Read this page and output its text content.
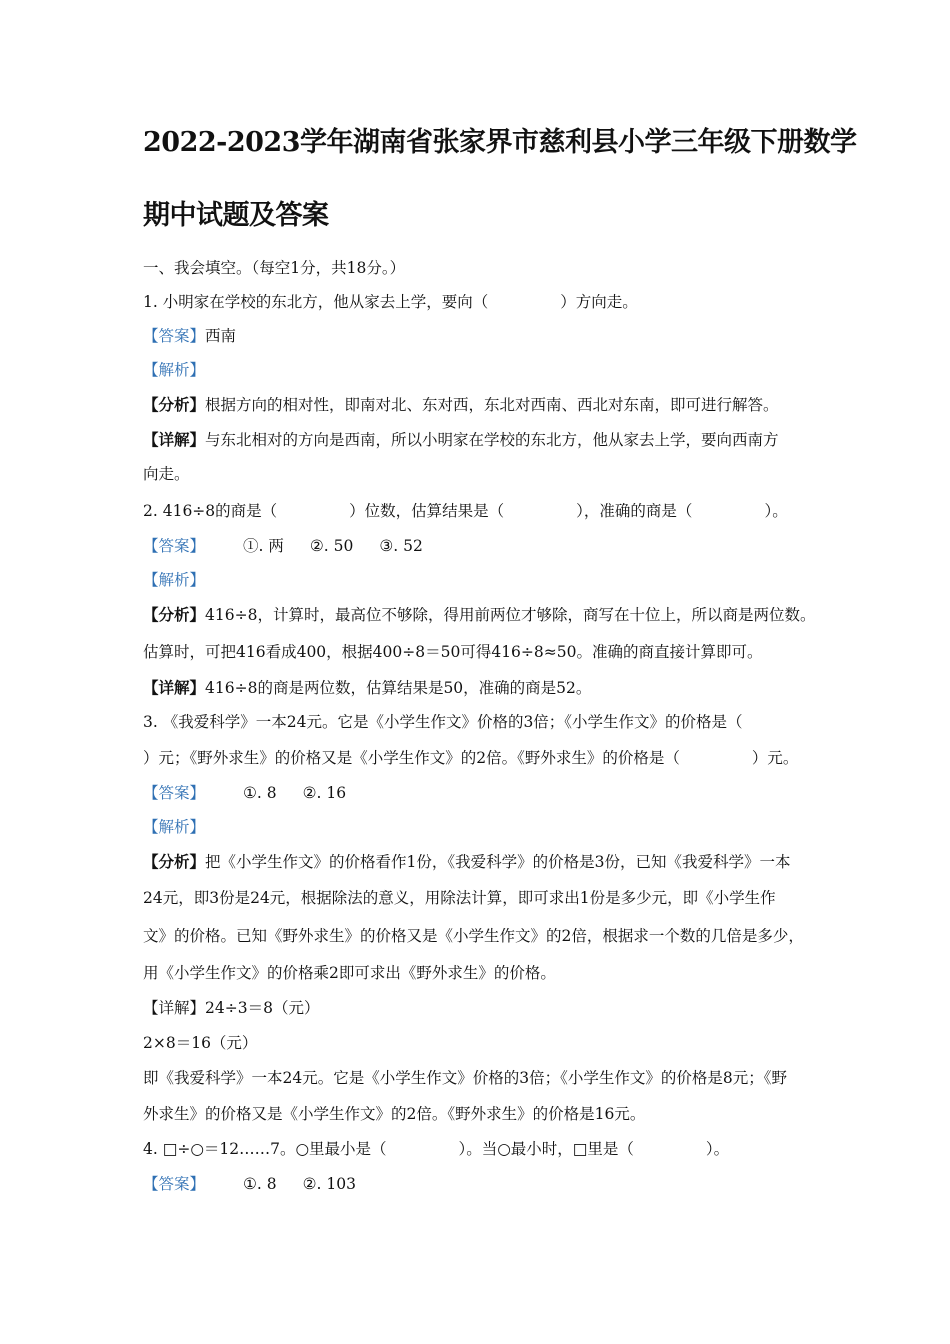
2022-2023学年湖南省张家界市慈利县小学三年级下册数学
期中试题及答案
一、我会填空。（每空1分，共18分。）
1. 小明家在学校的东北方，他从家去上学，要向（	）方向走。
【答案】西南
【解析】
【分析】根据方向的相对性，即南对北、东对西，东北对西南、西北对东南，即可进行解答。
【详解】与东北相对的方向是西南，所以小明家在学校的东北方，他从家去上学，要向西南方
向走。
2. 416÷8的商是（	）位数，估算结果是（	），准确的商是（	）。
【答案】 ①. 两 ②. 50 ③. 52
【解析】
【分析】416÷8，计算时，最高位不够除，得用前两位才够除，商写在十位上，所以商是两位数。
估算时，可把416看成400，根据400÷8＝50可得416÷8≈50。准确的商直接计算即可。
【详解】416÷8的商是两位数，估算结果是50，准确的商是52。
3. 《我爱科学》一本24元。它是《小学生作文》价格的3倍；《小学生作文》的价格是（
）元；《野外求生》的价格又是《小学生作文》的2倍。《野外求生》的价格是（	）元。
【答案】 ①. 8 ②. 16
【解析】
【分析】把《小学生作文》的价格看作1份，《我爱科学》的价格是3份，已知《我爱科学》一本
24元，即3份是24元，根据除法的意义，用除法计算，即可求出1份是多少元，即《小学生作
文》的价格。已知《野外求生》的价格又是《小学生作文》的2倍，根据求一个数的几倍是多少，
用《小学生作文》的价格乘2即可求出《野外求生》的价格。
【详解】24÷3＝8（元）
2×8＝16（元）
即《我爱科学》一本24元。它是《小学生作文》价格的3倍；《小学生作文》的价格是8元；《野
外求生》的价格又是《小学生作文》的2倍。《野外求生》的价格是16元。
4. □÷○＝12……7。○里最小是（	）。当○最小时，□里是（	）。
【答案】 ①. 8 ②. 103
